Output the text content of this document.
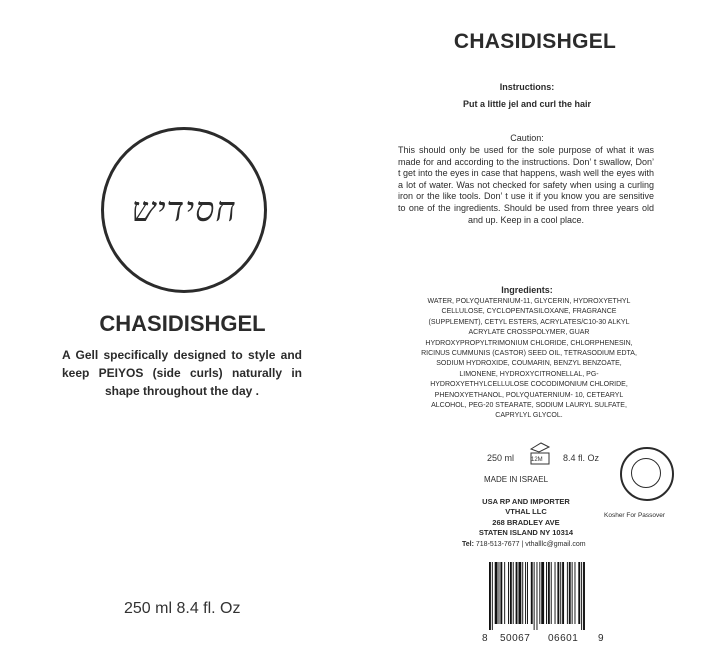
חסידיש
CHASIDISHGEL
A Gell specifically designed to style and
keep PEIYOS (side curls) naturally in
shape throughout the day .
250 ml 8.4 fl. Oz
CHASIDISHGEL
Instructions:
Put a little jel and curl the hair
Caution:
This should only be used for the sole purpose of what it was made for and according to the instructions. Don’ t swallow, Don’ t get into the eyes in case that happens, wash well the eyes with a lot of water. Was not checked for safety when using a curling iron or the like tools. Don’ t use it if you know you are sensitive to one of the ingredients. Should be used from three years old and up. Keep in a cool place.
Ingredients:
WATER, POLYQUATERNIUM-11, GLYCERIN, HYDROXYETHYL CELLULOSE, CYCLOPENTASILOXANE, FRAGRANCE (SUPPLEMENT), CETYL ESTERS, ACRYLATES/C10-30 ALKYL ACRYLATE CROSSPOLYMER, GUAR HYDROXYPROPYLTRIMONIUM CHLORIDE, CHLORPHENESIN, RICINUS CUMMUNIS (CASTOR) SEED OIL, TETRASODIUM EDTA, SODIUM HYDROXIDE, COUMARIN, BENZYL BENZOATE, LIMONENE, HYDROXYCITRONELLAL, PG-HYDROXYETHYLCELLULOSE COCODIMONIUM CHLORIDE, PHENOXYETHANOL, POLYQUATERNIUM- 10, CETEARYL ALCOHOL, PEG-20 STEARATE, SODIUM LAURYL SULFATE, CAPRYLYL GLYCOL.
250 ml	12M 8.4 fl. Oz
MADE IN ISRAEL
USA RP AND IMPORTER
VTHAL LLC
268 BRADLEY AVE
STATEN ISLAND NY 10314
Tel: 718-513-7677 | vthalllc@gmail.com
Kosher For Passover
8 50067 06601 9
